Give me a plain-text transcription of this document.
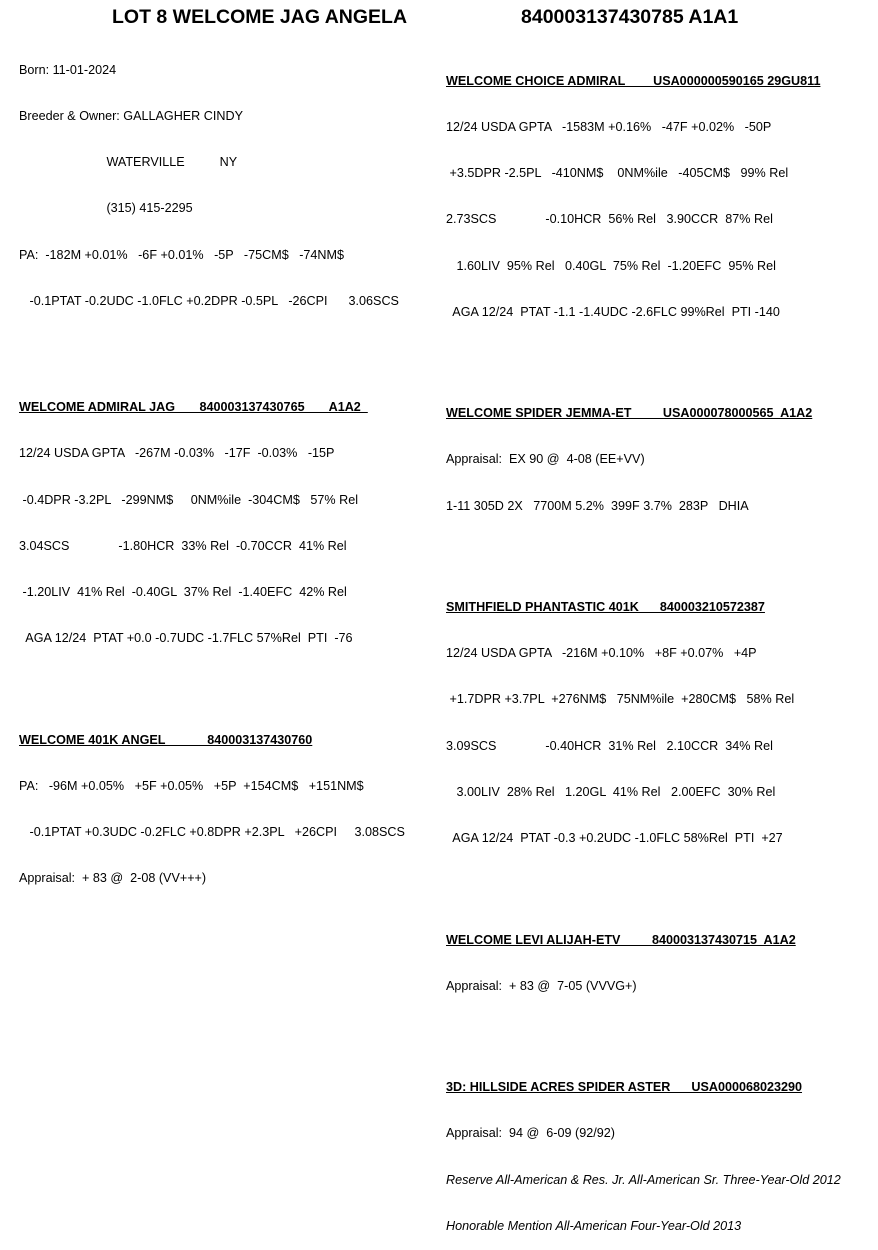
LOT 8 WELCOME JAG ANGELA	840003137430785 A1A1

Born: 11-01-2024

Breeder & Owner: GALLAGHER CINDY

WATERVILLE          NY

(315) 415-2295

PA:  -182M +0.01%   -6F +0.01%   -5P   -75CM$   -74NM$

-0.1PTAT -0.2UDC -1.0FLC +0.2DPR -0.5PL   -26CPI      3.06SCS

WELCOME ADMIRAL JAG       840003137430765       A1A2

12/24 USDA GPTA   -267M -0.03%   -17F  -0.03%   -15P

-0.4DPR -3.2PL   -299NM$     0NM%ile  -304CM$   57% Rel

3.04SCS              -1.80HCR  33% Rel  -0.70CCR  41% Rel

-1.20LIV  41% Rel  -0.40GL  37% Rel  -1.40EFC  42% Rel

AGA 12/24  PTAT +0.0 -0.7UDC -1.7FLC 57%Rel  PTI  -76

WELCOME 401K ANGEL            840003137430760

PA:   -96M +0.05%   +5F +0.05%   +5P  +154CM$   +151NM$

-0.1PTAT +0.3UDC -0.2FLC +0.8DPR +2.3PL   +26CPI     3.08SCS

Appraisal:  + 83 @  2-08 (VV+++)

WELCOME CHOICE ADMIRAL        USA000000590165 29GU811

12/24 USDA GPTA   -1583M +0.16%   -47F +0.02%   -50P

+3.5DPR -2.5PL   -410NM$    0NM%ile   -405CM$   99% Rel

2.73SCS              -0.10HCR  56% Rel   3.90CCR  87% Rel

1.60LIV  95% Rel   0.40GL  75% Rel  -1.20EFC  95% Rel

AGA 12/24  PTAT -1.1 -1.4UDC -2.6FLC 99%Rel  PTI -140

WELCOME SPIDER JEMMA-ET         USA000078000565  A1A2

Appraisal:  EX 90 @  4-08 (EE+VV)

1-11 305D 2X   7700M 5.2%  399F 3.7%  283P   DHIA

SMITHFIELD PHANTASTIC 401K      840003210572387

12/24 USDA GPTA   -216M +0.10%   +8F +0.07%   +4P

+1.7DPR +3.7PL  +276NM$   75NM%ile  +280CM$   58% Rel

3.09SCS              -0.40HCR  31% Rel   2.10CCR  34% Rel

3.00LIV  28% Rel   1.20GL  41% Rel   2.00EFC  30% Rel

AGA 12/24  PTAT -0.3 +0.2UDC -1.0FLC 58%Rel  PTI  +27

WELCOME LEVI ALIJAH-ETV         840003137430715  A1A2

Appraisal:  + 83 @  7-05 (VVVG+)

3D: HILLSIDE ACRES SPIDER ASTER      USA000068023290

Appraisal:  94 @  6-09 (92/92)

Reserve All-American & Res. Jr. All-American Sr. Three-Year-Old 2012

Honorable Mention All-American Four-Year-Old 2013
